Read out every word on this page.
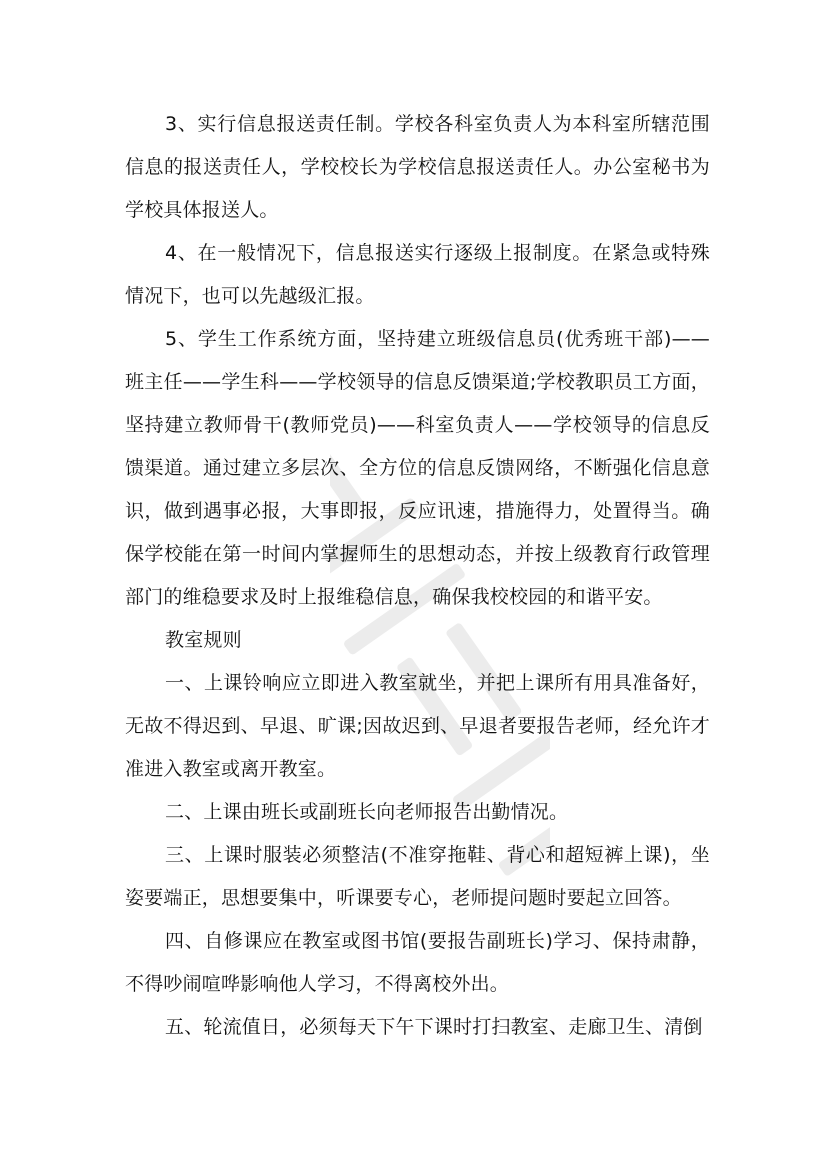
3、实行信息报送责任制。学校各科室负责人为本科室所辖范围信息的报送责任人，学校校长为学校信息报送责任人。办公室秘书为学校具体报送人。

4、在一般情况下，信息报送实行逐级上报制度。在紧急或特殊情况下，也可以先越级汇报。

5、学生工作系统方面，坚持建立班级信息员(优秀班干部)——班主任——学生科——学校领导的信息反馈渠道;学校教职员工方面，坚持建立教师骨干(教师党员)——科室负责人——学校领导的信息反馈渠道。通过建立多层次、全方位的信息反馈网络，不断强化信息意识，做到遇事必报，大事即报，反应讯速，措施得力，处置得当。确保学校能在第一时间内掌握师生的思想动态，并按上级教育行政管理部门的维稳要求及时上报维稳信息，确保我校校园的和谐平安。

教室规则

一、上课铃响应立即进入教室就坐，并把上课所有用具准备好，无故不得迟到、早退、旷课;因故迟到、早退者要报告老师，经允许才准进入教室或离开教室。

二、上课由班长或副班长向老师报告出勤情况。

三、上课时服装必须整洁(不准穿拖鞋、背心和超短裤上课)，坐姿要端正，思想要集中，听课要专心，老师提问题时要起立回答。

四、自修课应在教室或图书馆(要报告副班长)学习、保持肃静，不得吵闹喧哗影响他人学习，不得离校外出。

五、轮流值日，必须每天下午下课时打扫教室、走廊卫生、清倒
